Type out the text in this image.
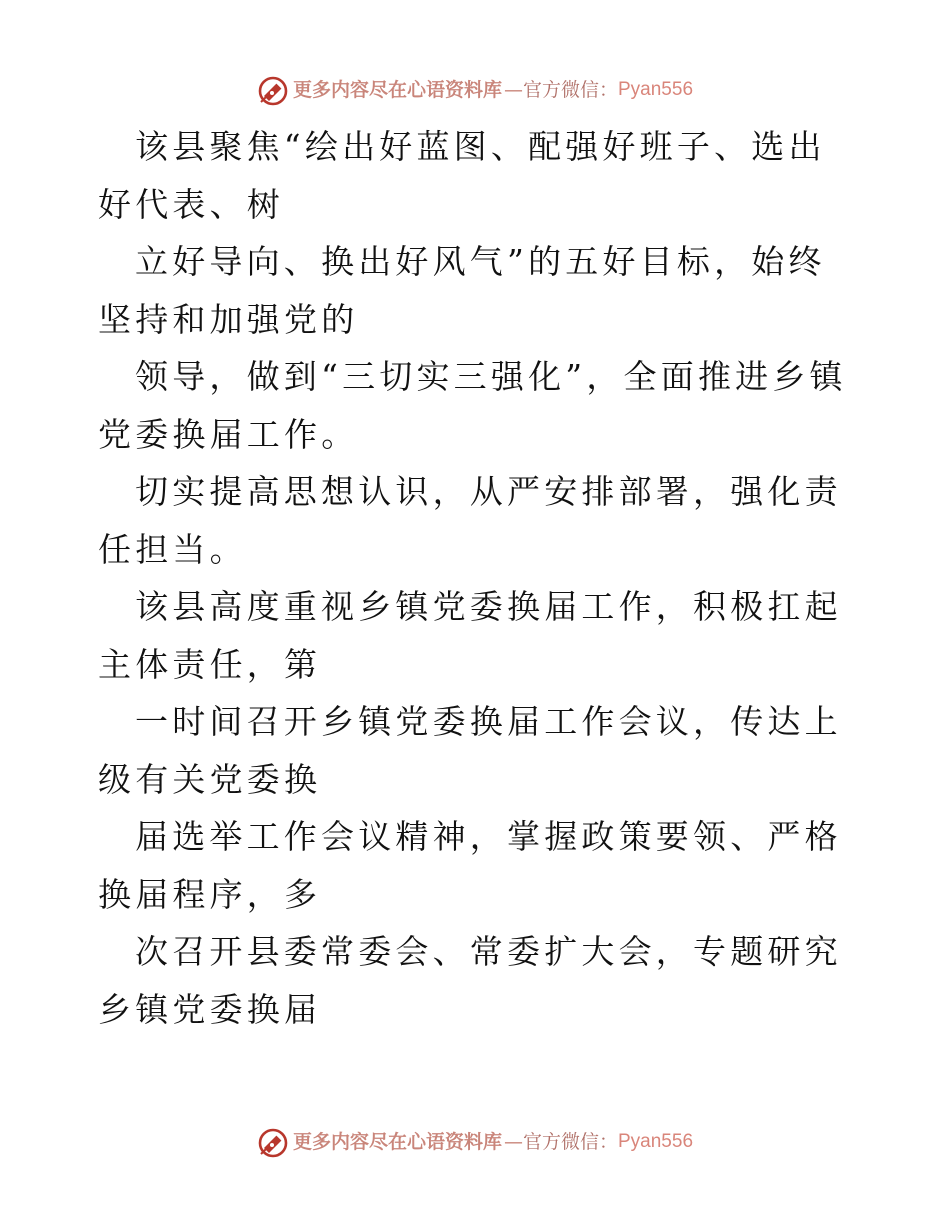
更多内容尽在心语资料库 — 官方微信： Pyan556

该县聚焦“绘出好蓝图、配强好班子、选出好代表、树

立好导向、换出好风气”的五好目标，始终坚持和加强党的

领导，做到“三切实三强化”，全面推进乡镇党委换届工作。

切实提高思想认识，从严安排部署，强化责任担当。

该县高度重视乡镇党委换届工作，积极扛起主体责任，第

一时间召开乡镇党委换届工作会议，传达上级有关党委换

届选举工作会议精神，掌握政策要领、严格换届程序，多

次召开县委常委会、常委扩大会，专题研究乡镇党委换届

更多内容尽在心语资料库 — 官方微信： Pyan556
